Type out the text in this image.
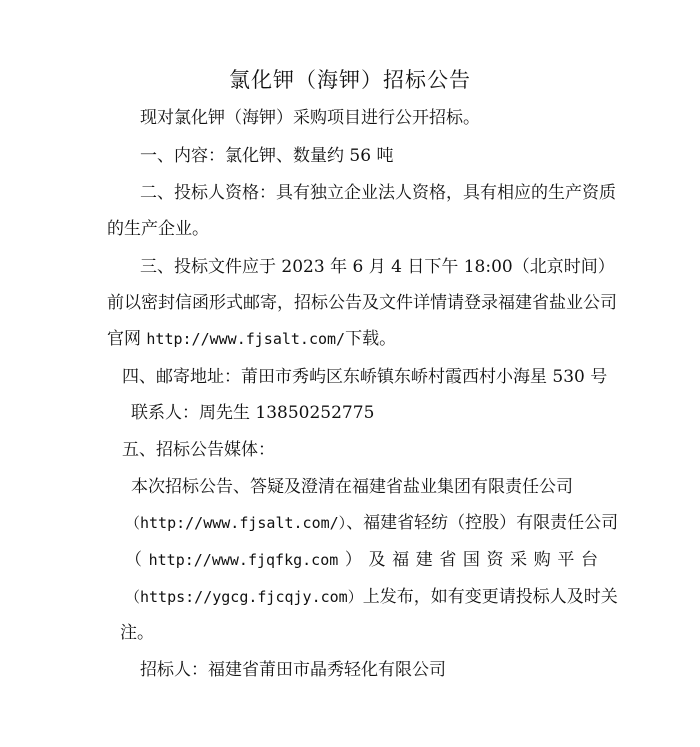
氯化钾（海钾）招标公告
现对氯化钾（海钾）采购项目进行公开招标。
一、内容：氯化钾、数量约 56 吨
二、投标人资格：具有独立企业法人资格，具有相应的生产资质
的生产企业。
三、投标文件应于 2023 年 6 月 4 日下午 18:00（北京时间）
前以密封信函形式邮寄，招标公告及文件详情请登录福建省盐业公司
官网 http://www.fjsalt.com/下载。
四、邮寄地址：莆田市秀屿区东峤镇东峤村霞西村小海星 530 号
联系人：周先生 13850252775
五、招标公告媒体：
本次招标公告、答疑及澄清在福建省盐业集团有限责任公司
（http://www.fjsalt.com/）、福建省轻纺（控股）有限责任公司
（ http://www.fjqfkg.com ） 及 福 建 省 国 资 采 购 平 台
（https://ygcg.fjcqjy.com）上发布，如有变更请投标人及时关
注。
招标人：福建省莆田市晶秀轻化有限公司
